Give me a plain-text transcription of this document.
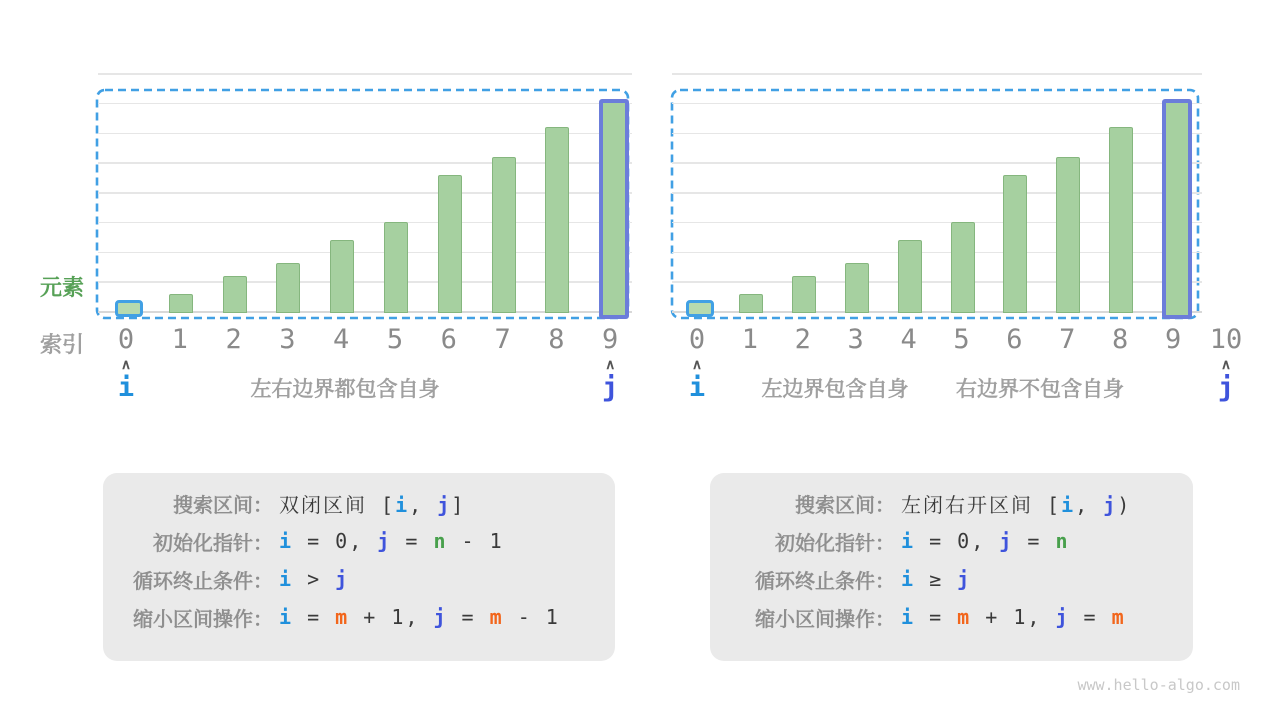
元素
索引 0 1 2 3 4 5 6 7 8 9
左右边界都包含自身
∧
i
∧
j
0 1 2 3 4 5 6 7 8 9 10
左边界包含自身 右边界不包含自身
∧
i
∧
j
搜索区间： 双闭区间 [i, j]
初始化指针： i = 0, j = n - 1
循环终止条件： i > j
缩小区间操作： i = m + 1, j = m - 1
搜索区间： 左闭右开区间 [i, j)
初始化指针： i = 0, j = n
循环终止条件： i ≥ j
缩小区间操作： i = m + 1, j = m
www.hello-algo.com
